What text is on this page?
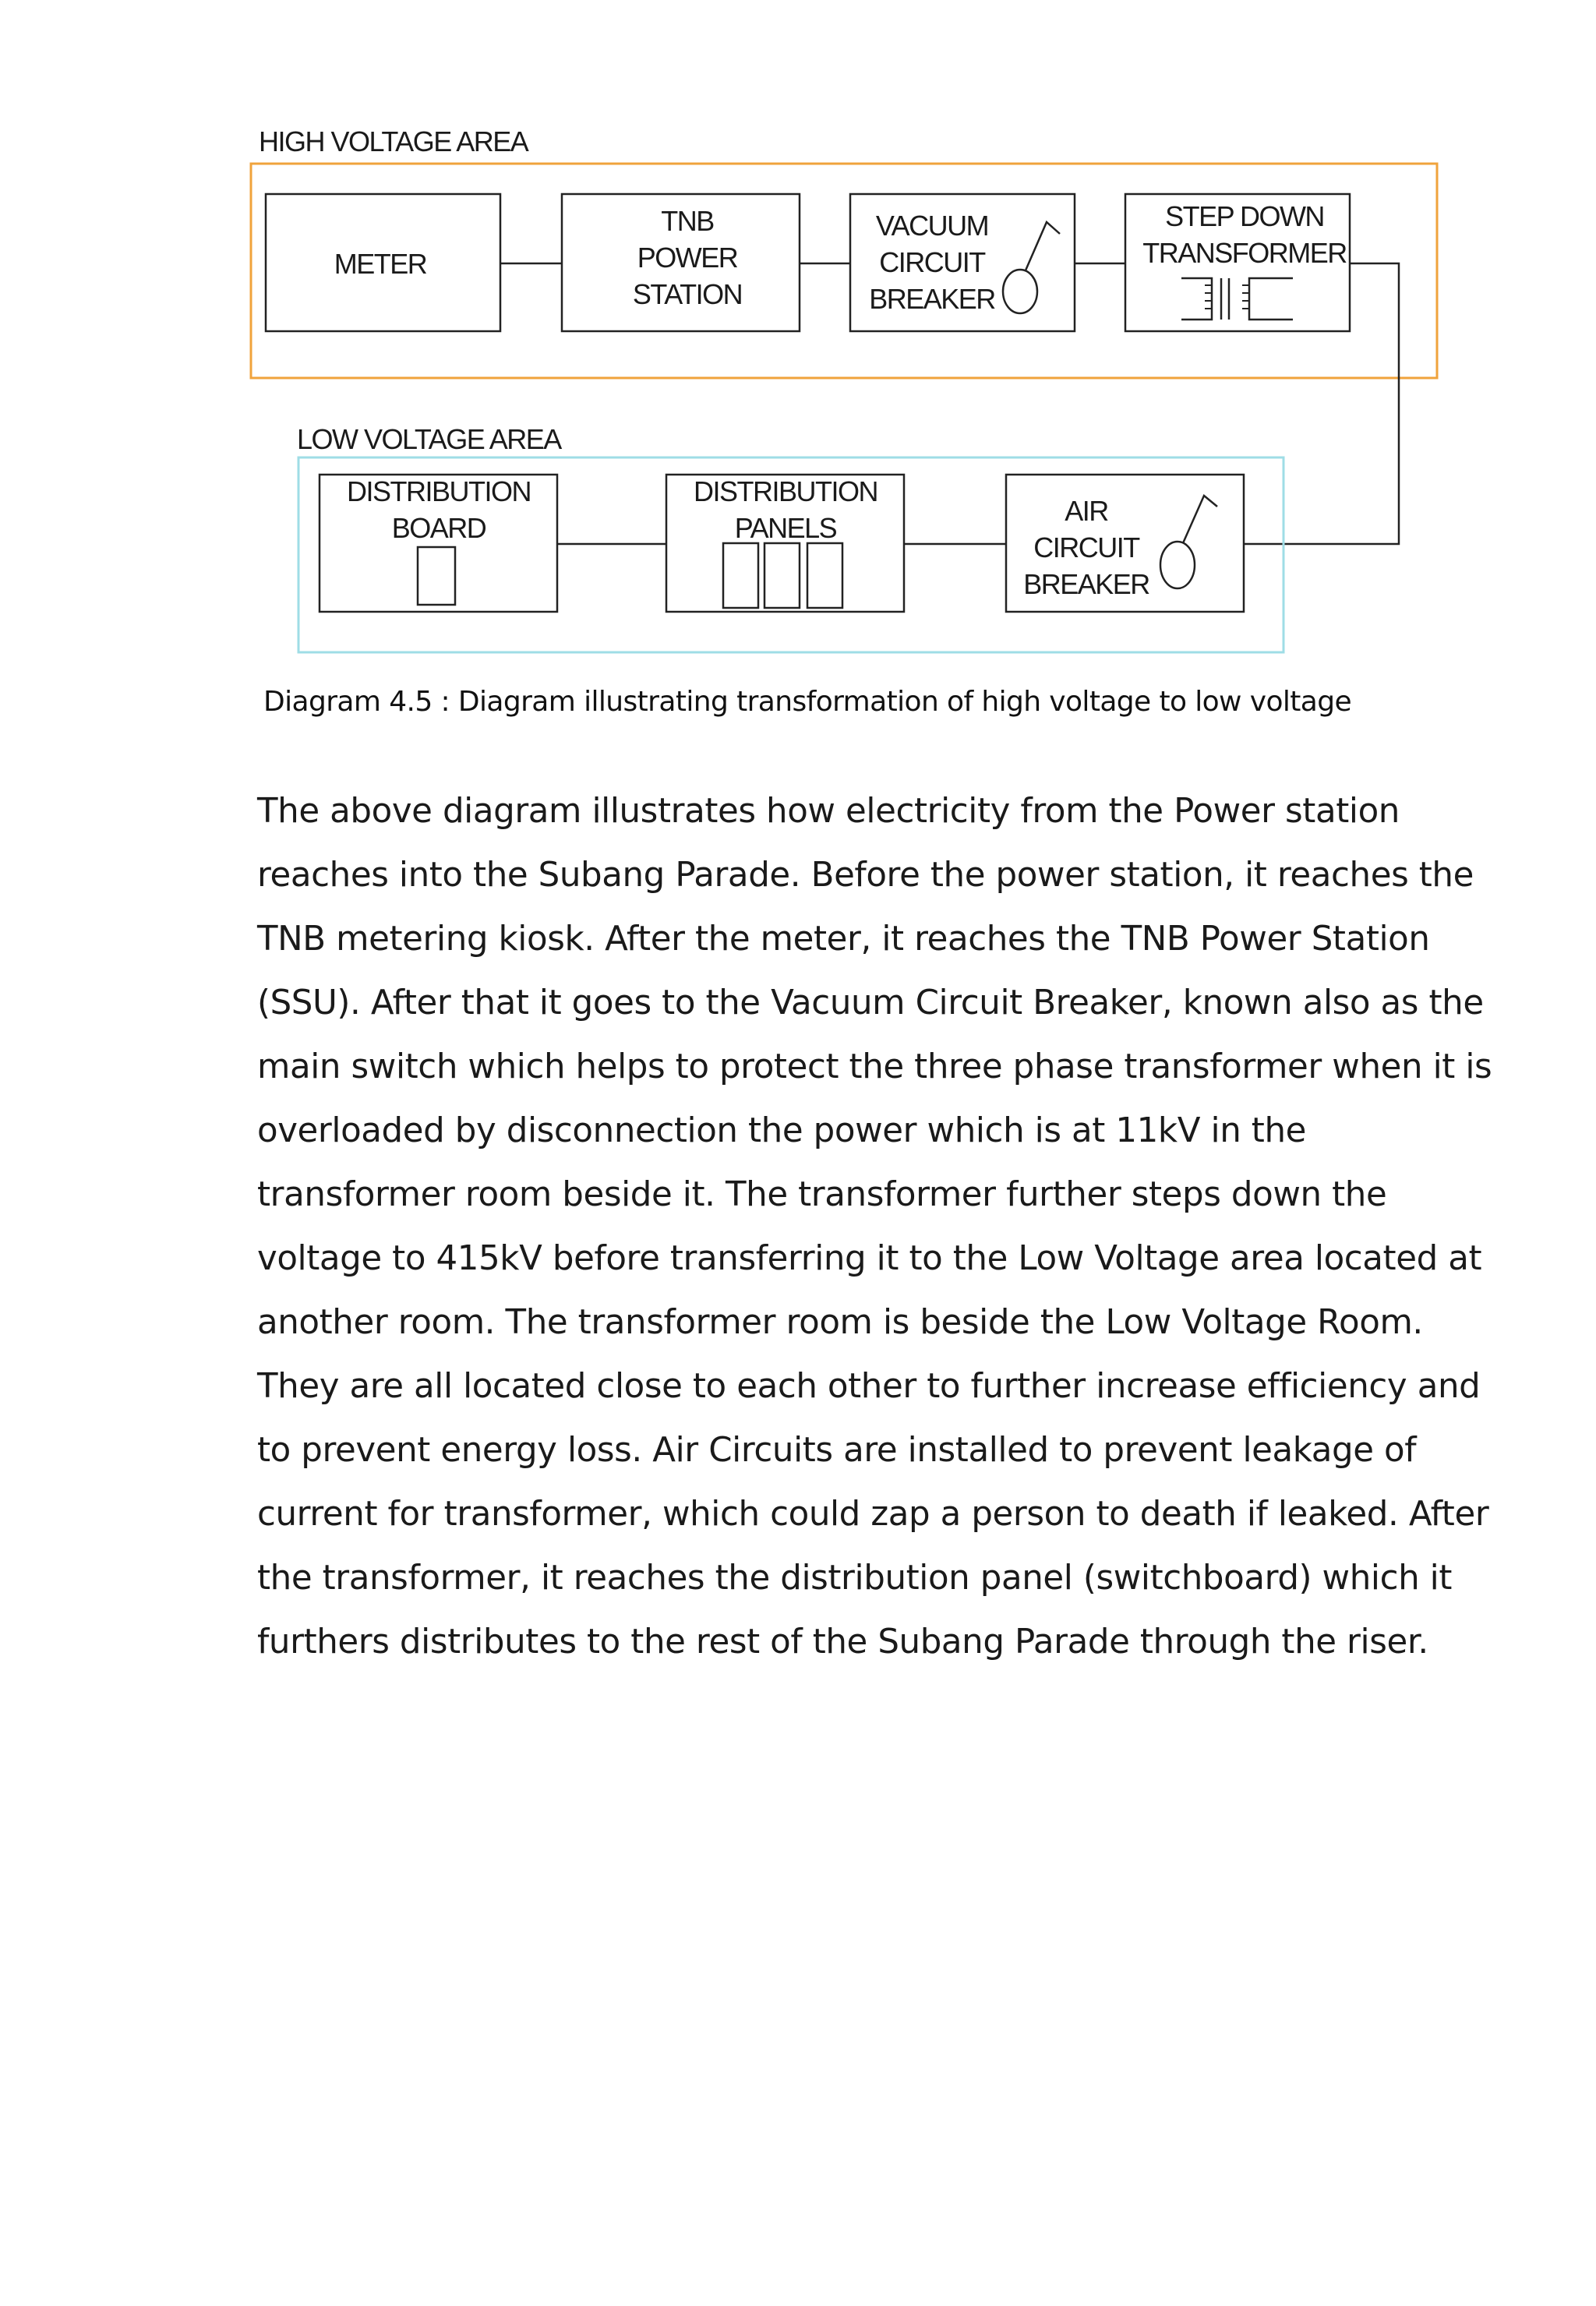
HIGH VOLTAGE AREA
METER
TNB
POWER
STATION
VACUUM
CIRCUIT
BREAKER
STEP DOWN
TRANSFORMER
LOW VOLTAGE AREA
DISTRIBUTION
BOARD
DISTRIBUTION
PANELS
AIR
CIRCUIT
BREAKER
Diagram 4.5 : Diagram illustrating transformation of high voltage to low voltage
The above diagram illustrates how electricity from the Power station
reaches into the Subang Parade. Before the power station, it reaches the
TNB metering kiosk. After the meter, it reaches the TNB Power Station
(SSU). After that it goes to the Vacuum Circuit Breaker, known also as the
main switch which helps to protect the three phase transformer when it is
overloaded by disconnection the power which is at 11kV in the
transformer room beside it. The transformer further steps down the
voltage to 415kV before transferring it to the Low Voltage area located at
another room. The transformer room is beside the Low Voltage Room.
They are all located close to each other to further increase efficiency and
to prevent energy loss. Air Circuits are installed to prevent leakage of
current for transformer, which could zap a person to death if leaked. After
the transformer, it reaches the distribution panel (switchboard) which it
furthers distributes to the rest of the Subang Parade through the riser.
